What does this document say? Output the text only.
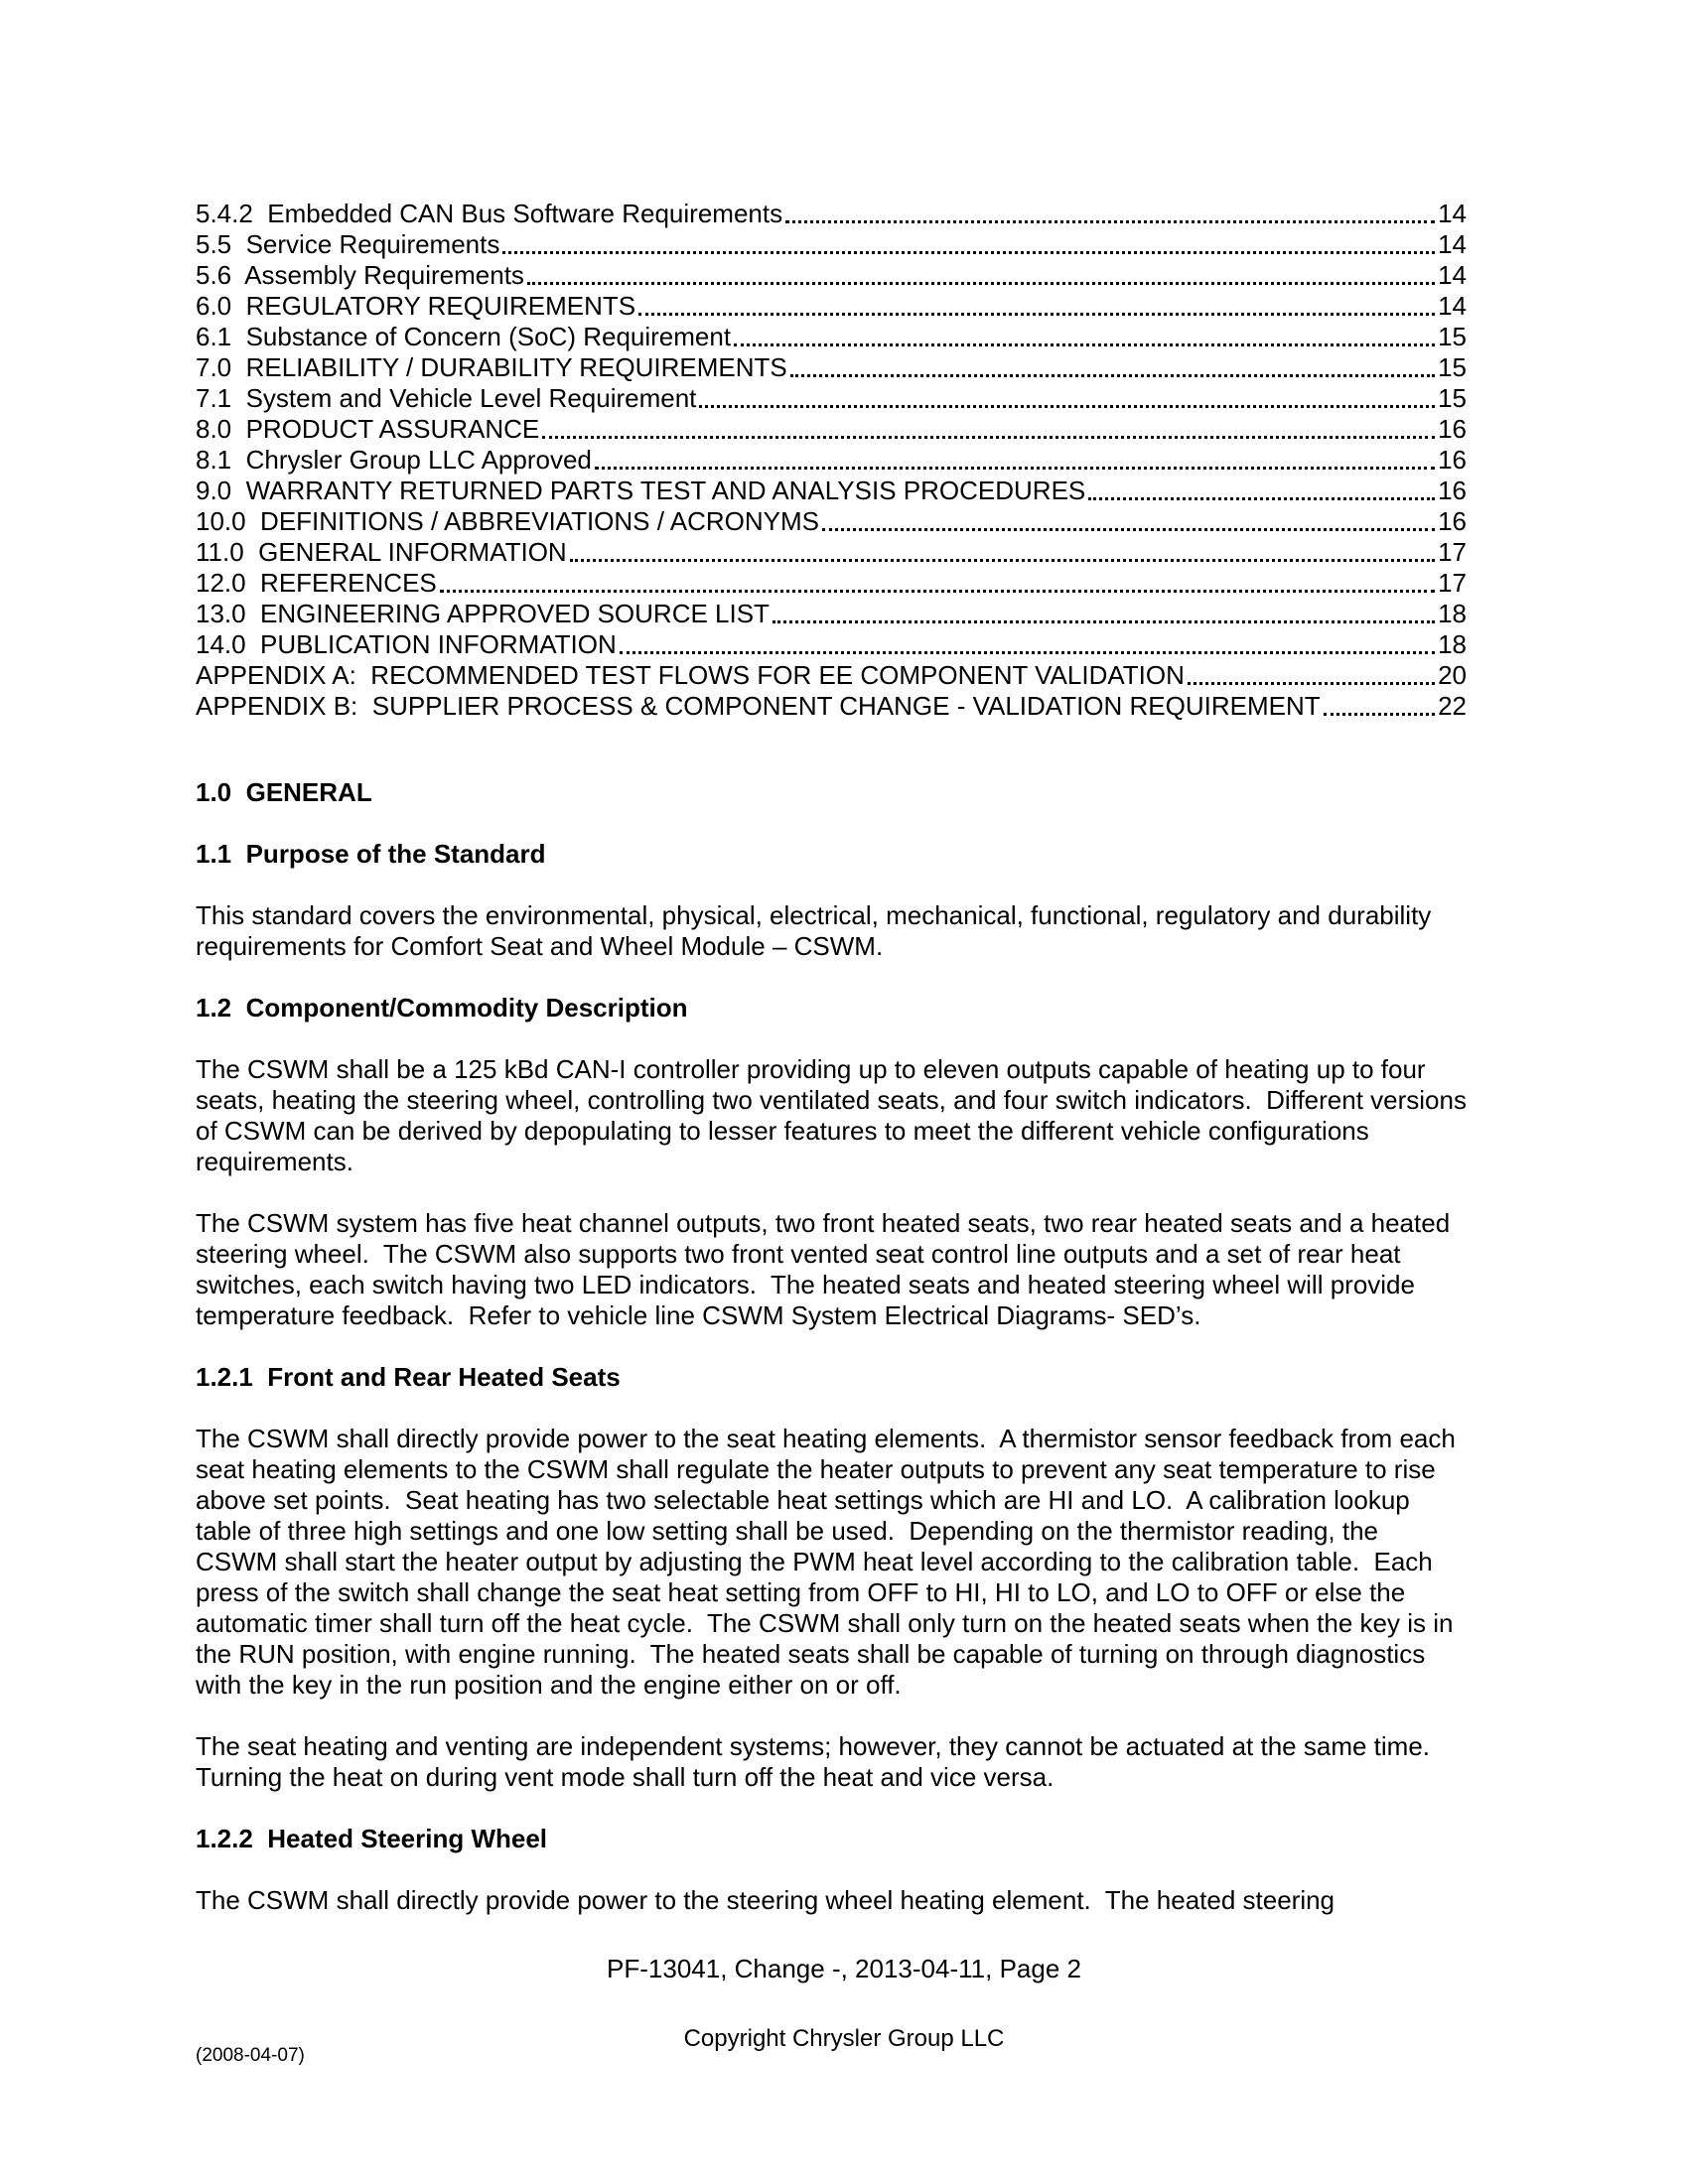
5.4.2  Embedded CAN Bus Software Requirements	14
5.5  Service Requirements	14
5.6  Assembly Requirements	14
6.0  REGULATORY REQUIREMENTS	14
6.1  Substance of Concern (SoC) Requirement	15
7.0  RELIABILITY / DURABILITY REQUIREMENTS	15
7.1  System and Vehicle Level Requirement	15
8.0  PRODUCT ASSURANCE	16
8.1  Chrysler Group LLC Approved	16
9.0  WARRANTY RETURNED PARTS TEST AND ANALYSIS PROCEDURES	16
10.0  DEFINITIONS / ABBREVIATIONS / ACRONYMS	16
11.0  GENERAL INFORMATION	17
12.0  REFERENCES	17
13.0  ENGINEERING APPROVED SOURCE LIST	18
14.0  PUBLICATION INFORMATION	18
APPENDIX A:  RECOMMENDED TEST FLOWS FOR EE COMPONENT VALIDATION	20
APPENDIX B:  SUPPLIER PROCESS & COMPONENT CHANGE - VALIDATION REQUIREMENT	22
1.0  GENERAL
1.1  Purpose of the Standard
This standard covers the environmental, physical, electrical, mechanical, functional, regulatory and durability requirements for Comfort Seat and Wheel Module – CSWM.
1.2  Component/Commodity Description
The CSWM shall be a 125 kBd CAN-I controller providing up to eleven outputs capable of heating up to four seats, heating the steering wheel, controlling two ventilated seats, and four switch indicators.  Different versions of CSWM can be derived by depopulating to lesser features to meet the different vehicle configurations requirements.
The CSWM system has five heat channel outputs, two front heated seats, two rear heated seats and a heated steering wheel.  The CSWM also supports two front vented seat control line outputs and a set of rear heat switches, each switch having two LED indicators.  The heated seats and heated steering wheel will provide temperature feedback.  Refer to vehicle line CSWM System Electrical Diagrams- SED’s.
1.2.1  Front and Rear Heated Seats
The CSWM shall directly provide power to the seat heating elements.  A thermistor sensor feedback from each seat heating elements to the CSWM shall regulate the heater outputs to prevent any seat temperature to rise above set points.  Seat heating has two selectable heat settings which are HI and LO.  A calibration lookup table of three high settings and one low setting shall be used.  Depending on the thermistor reading, the CSWM shall start the heater output by adjusting the PWM heat level according to the calibration table.  Each press of the switch shall change the seat heat setting from OFF to HI, HI to LO, and LO to OFF or else the automatic timer shall turn off the heat cycle.  The CSWM shall only turn on the heated seats when the key is in the RUN position, with engine running.  The heated seats shall be capable of turning on through diagnostics with the key in the run position and the engine either on or off.
The seat heating and venting are independent systems; however, they cannot be actuated at the same time.  Turning the heat on during vent mode shall turn off the heat and vice versa.
1.2.2  Heated Steering Wheel
The CSWM shall directly provide power to the steering wheel heating element.  The heated steering
PF-13041, Change -, 2013-04-11, Page 2
Copyright Chrysler Group LLC
(2008-04-07)
